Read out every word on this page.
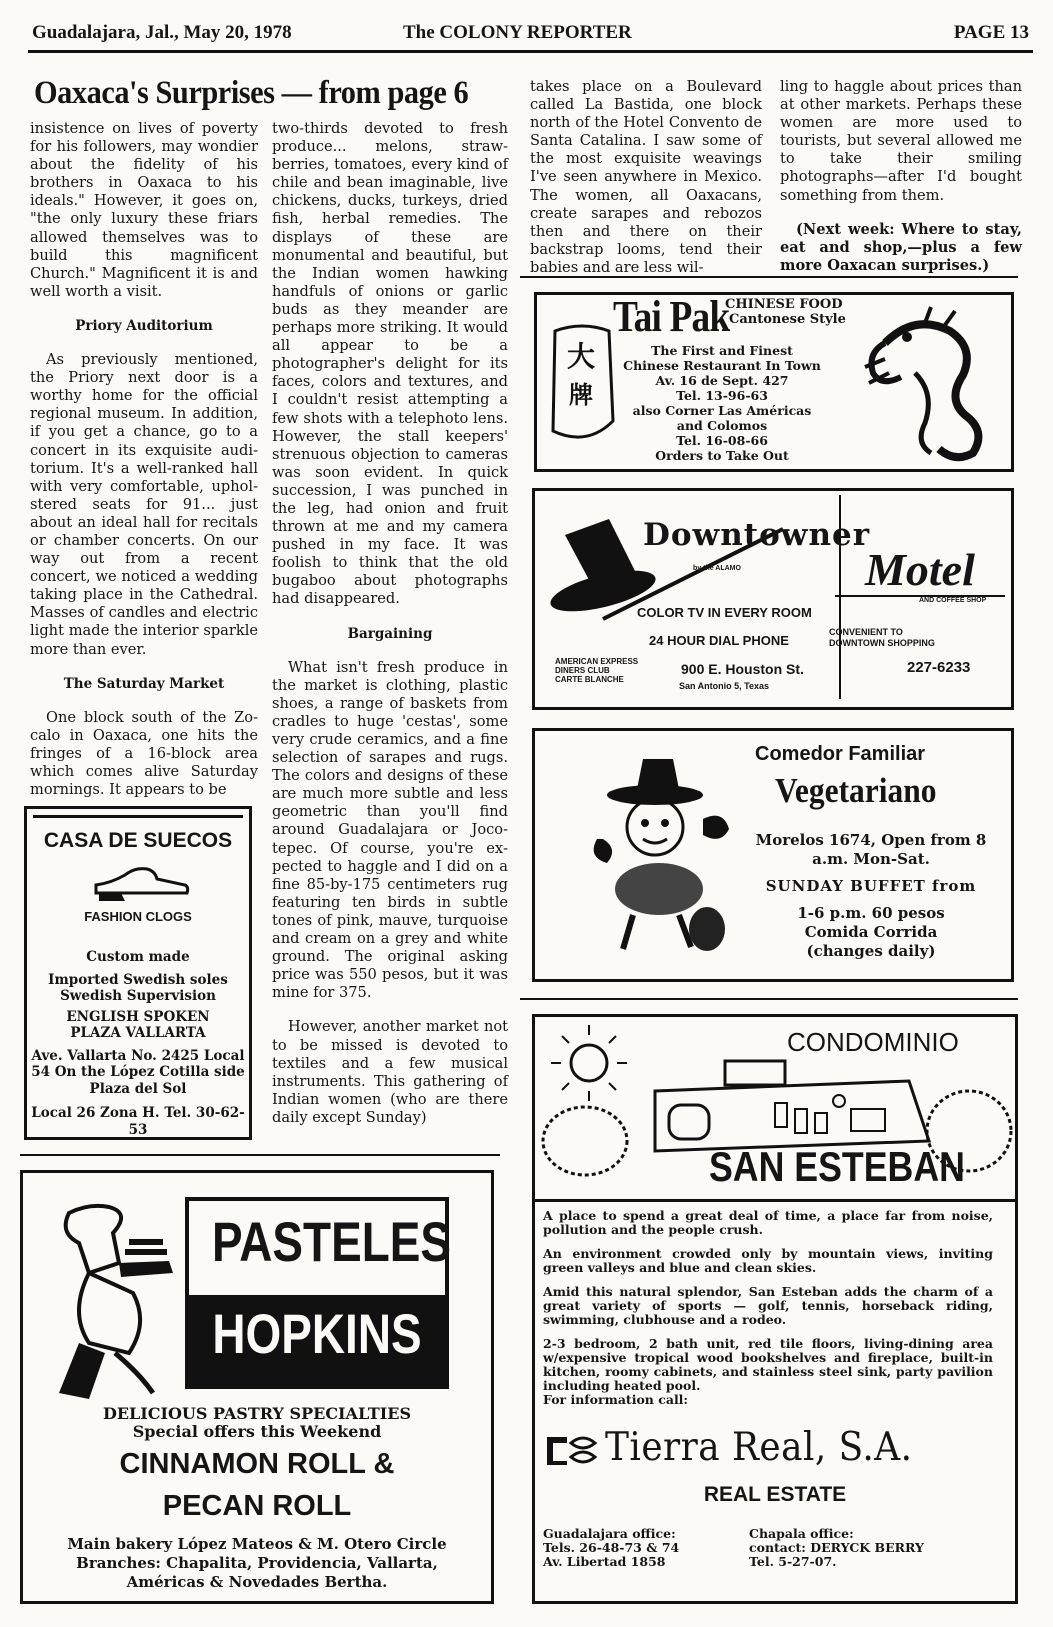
Guadalajara, Jal., May 20, 1978	The COLONY REPORTER	PAGE 13
Oaxaca's Surprises — from page 6

insistence on lives of poverty for his followers, may wondier about the fidelity of his brothers in Oaxaca to his ideals." However, it goes on, "the only luxury these friars allowed themselves was to build this magnificent Church." Magnificent it is and well worth a visit.

Priory Auditorium

As previously mentioned, the Priory next door is a worthy home for the official regional museum. In addition, if you get a chance, go to a concert in its exquisite auditorium. It's a well-ranked hall with very comfortable, upholstered seats for 91... just about an ideal hall for recitals or chamber concerts. On our way out from a recent concert, we noticed a wedding taking place in the Cathedral. Masses of candles and electric light made the interior sparkle more than ever.

The Saturday Market

One block south of the Zocalo in Oaxaca, one hits the fringes of a 16-block area which comes alive Saturday mornings. It appears to be

two-thirds devoted to fresh produce... melons, strawberries, tomatoes, every kind of chile and bean imaginable, live chickens, ducks, turkeys, dried fish, herbal remedies. The displays of these are monumental and beautiful, but the Indian women hawking handfuls of onions or garlic buds as they meander are perhaps more striking. It would all appear to be a photographer's delight for its faces, colors and textures, and I couldn't resist attempting a few shots with a telephoto lens. However, the stall keepers' strenuous objection to cameras was soon evident. In quick succession, I was punched in the leg, had onion and fruit thrown at me and my camera pushed in my face. It was foolish to think that the old bugaboo about photographs had disappeared.

Bargaining

What isn't fresh produce in the market is clothing, plastic shoes, a range of baskets from cradles to huge 'cestas', some very crude ceramics, and a fine selection of sarapes and rugs. The colors and designs of these are much more subtle and less geometric than you'll find around Guadalajara or Jocotepec. Of course, you're expected to haggle and I did on a fine 85-by-175 centimeters rug featuring ten birds in subtle tones of pink, mauve, turquoise and cream on a grey and white ground. The original asking price was 550 pesos, but it was mine for 375.

However, another market not to be missed is devoted to textiles and a few musical instruments. This gathering of Indian women (who are there daily except Sunday)

takes place on a Boulevard called La Bastida, one block north of the Hotel Convento de Santa Catalina. I saw some of the most exquisite weavings I've seen anywhere in Mexico. The women, all Oaxacans, create sarapes and rebozos then and there on their backstrap looms, tend their babies and are less wil-

ling to haggle about prices than at other markets. Perhaps these women are more used to tourists, but several allowed me to take their smiling photographs—after I'd bought something from them.

(Next week: Where to stay, eat and shop,—plus a few more Oaxacan surprises.)

CASA DE SUECOS
FASHION CLOGS
Custom made
Imported Swedish soles
Swedish Supervision
ENGLISH SPOKEN
PLAZA VALLARTA
Ave. Vallarta No. 2425 Local
54 On the López Cotilla side
Plaza del Sol
Local 26 Zona H. Tel. 30-62-53
大
牌
Tai Pak
CHINESE FOOD
Cantonese Style
The First and Finest
Chinese Restaurant In Town
Av. 16 de Sept. 427
Tel. 13-96-63
also Corner Las Américas
and Colomos
Tel. 16-08-66
Orders to Take Out
Downtowner
Motel
by the ALAMO
AND COFFEE SHOP
COLOR TV IN EVERY ROOM
24 HOUR DIAL PHONE
CONVENIENT TO DOWNTOWN SHOPPING
AMERICAN EXPRESS
DINERS CLUB
CARTE BLANCHE
900 E. Houston St.
San Antonio 5, Texas
227-6233
Comedor Familiar
Vegetariano
Morelos 1674, Open from 8
a.m. Mon-Sat.
SUNDAY BUFFET from
1-6 p.m. 60 pesos
Comida Corrida
(changes daily)
PASTELES
HOPKINS
DELICIOUS PASTRY SPECIALTIES
Special offers this Weekend
CINNAMON ROLL &
PECAN ROLL
Main bakery López Mateos & M. Otero Circle
Branches: Chapalita, Providencia, Vallarta,
Américas & Novedades Bertha.
CONDOMINIO
SAN ESTEBAN
A place to spend a great deal of time, a place far from noise, pollution and the people crush.
An environment crowded only by mountain views, inviting green valleys and blue and clean skies.
Amid this natural splendor, San Esteban adds the charm of a great variety of sports — golf, tennis, horseback riding, swimming, clubhouse and a rodeo.
2-3 bedroom, 2 bath unit, red tile floors, living-dining area w/expensive tropical wood bookshelves and fireplace, built-in kitchen, roomy cabinets, and stainless steel sink, party pavilion including heated pool.
For information call:
Tierra Real, S.A.
REAL ESTATE
Guadalajara office:
Tels. 26-48-73 & 74
Av. Libertad 1858
Chapala office:
contact: DERYCK BERRY
Tel. 5-27-07.
